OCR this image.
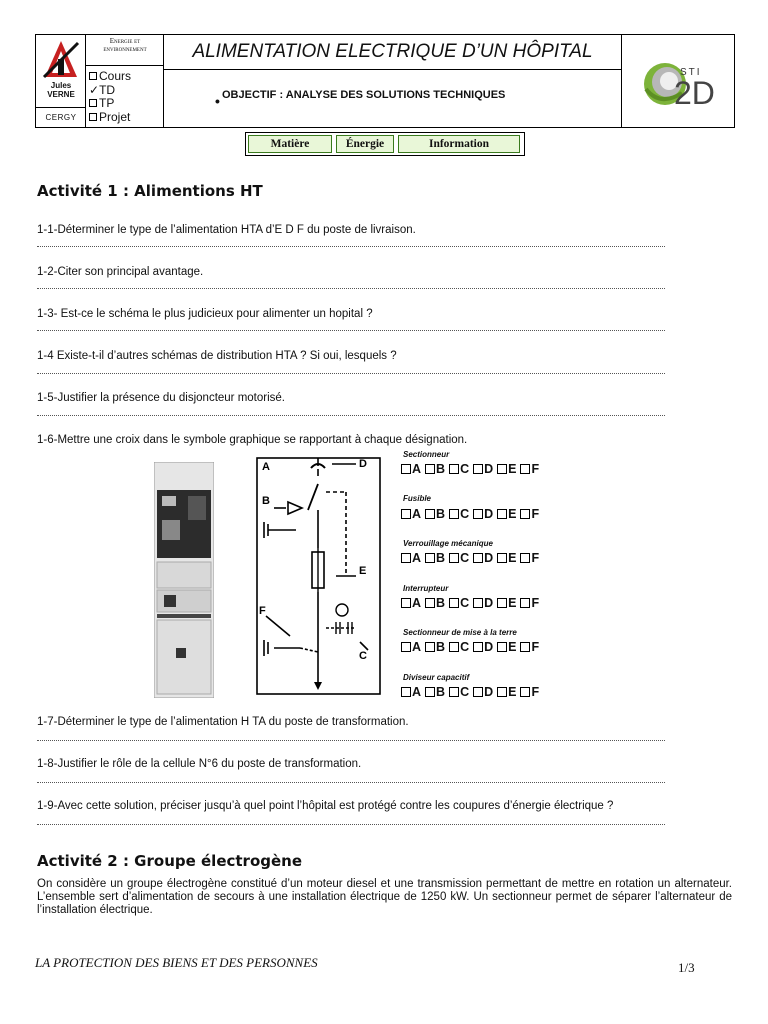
Jules
VERNE
CERGY
Energie et
environnement
Cours
✓TD
TP
Projet
ALIMENTATION ELECTRIQUE D’UN HÔPITAL
• OBJECTIF : ANALYSE DES SOLUTIONS TECHNIQUES
STI
2D
Matière	Énergie	Information
Activité 1 : Alimentions HT
1-1-Déterminer le type de l’alimentation HTA d’E D F du poste de livraison.
1-2-Citer son principal avantage.
1-3- Est-ce le schéma le plus judicieux pour alimenter un hopital ?
1-4 Existe-t-il d’autres schémas de distribution HTA ? Si oui, lesquels ?
1-5-Justifier la présence du disjoncteur motorisé.
1-6-Mettre une croix dans le symbole graphique se rapportant à chaque désignation.
A
B
C
D
E
F
Sectionneur
A B C D E F
Fusible
A B C D E F
Verrouillage mécanique
A B C D E F
Interrupteur
A B C D E F
Sectionneur de mise à la terre
A B C D E F
Diviseur capacitif
A B C D E F
1-7-Déterminer le type de l’alimentation H TA du poste de transformation.
1-8-Justifier le rôle de la cellule N°6 du poste de transformation.
1-9-Avec cette solution, préciser jusqu’à quel point l’hôpital est protégé contre les coupures d’énergie électrique ?
Activité 2 : Groupe électrogène
On considère un groupe électrogène constitué d’un moteur diesel et une transmission permettant de mettre en rotation un alternateur. L’ensemble sert d’alimentation de secours à une installation électrique de 1250 kW. Un sectionneur permet de séparer l’alternateur de l’installation électrique.
LA PROTECTION DES BIENS ET DES PERSONNES	1/3
